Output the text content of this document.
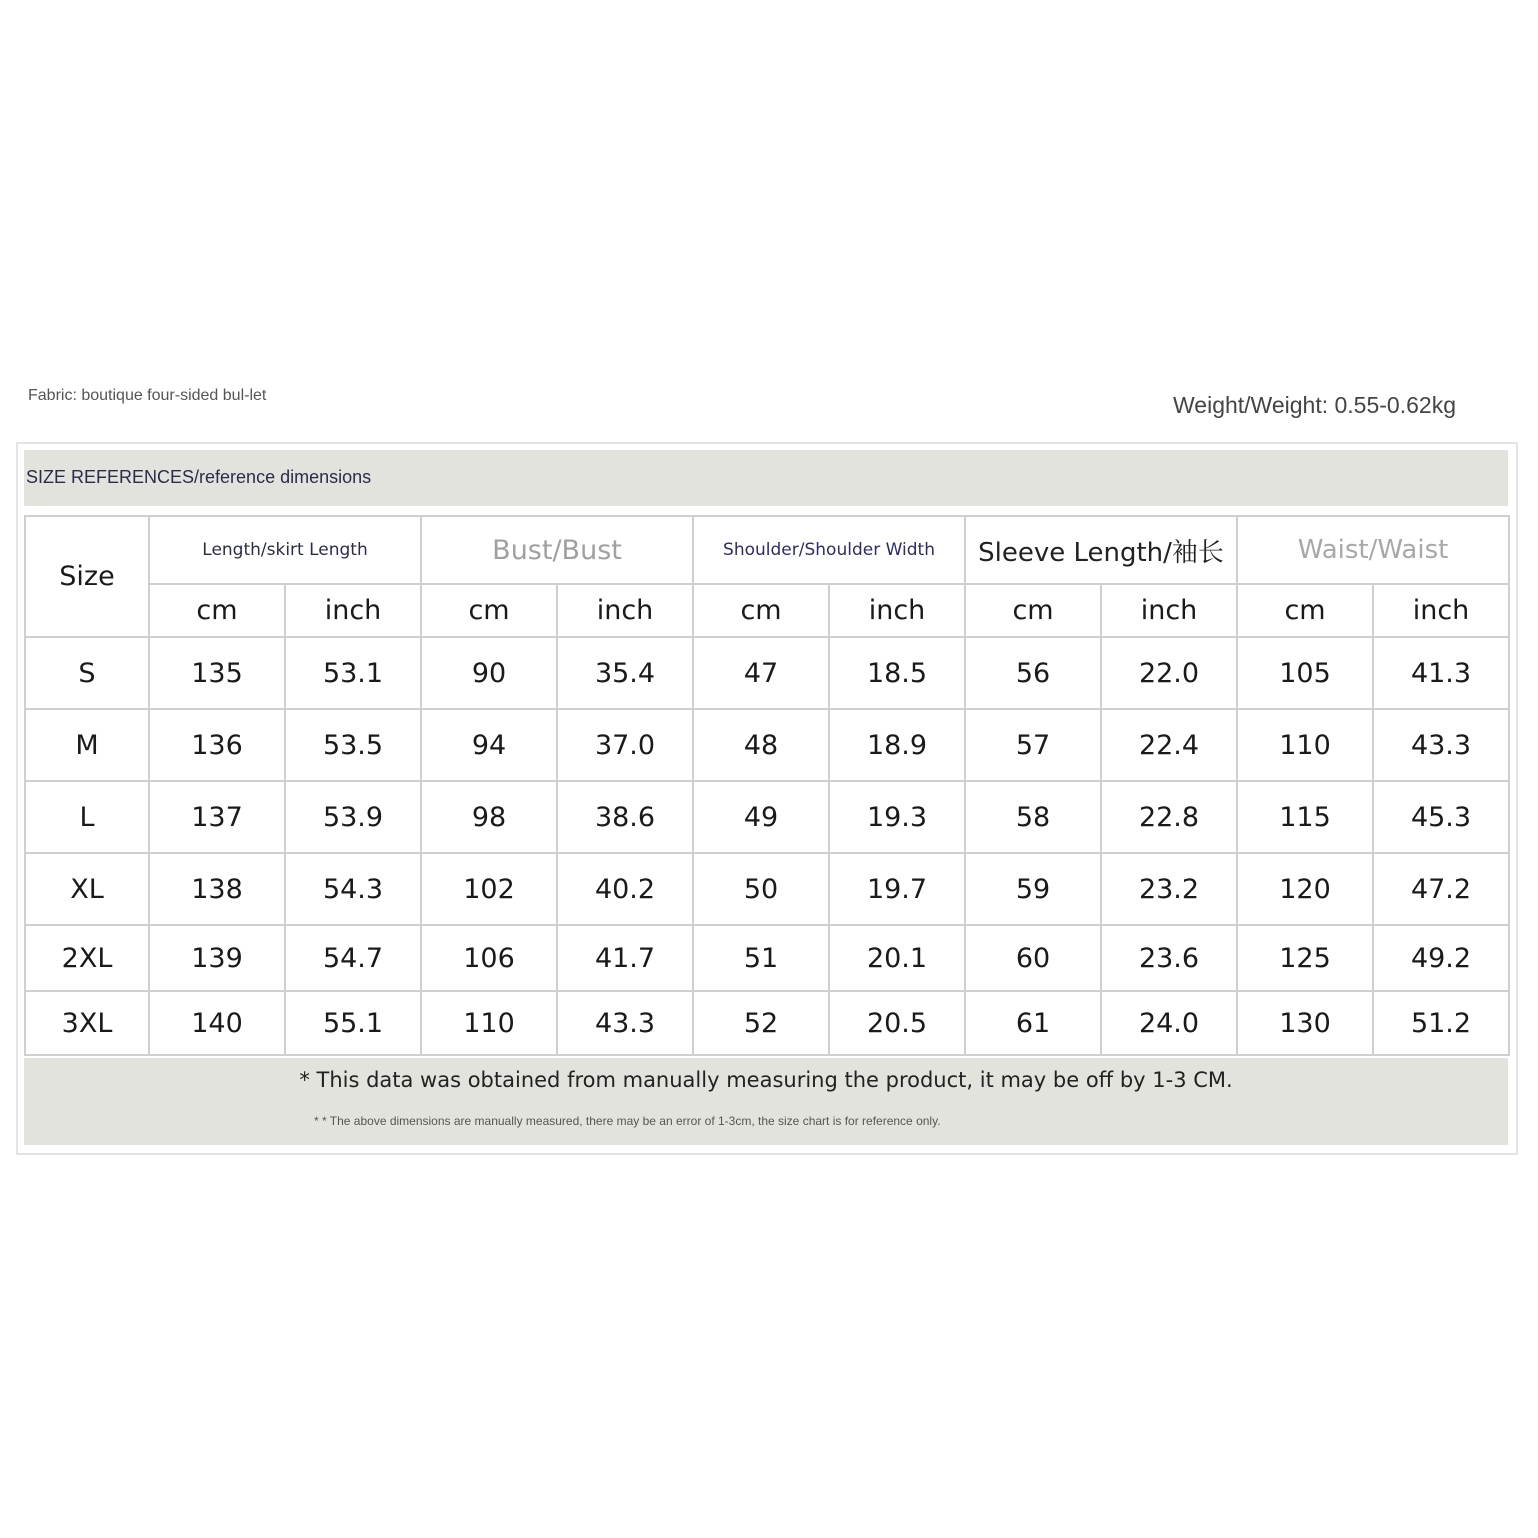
Fabric: boutique four-sided bul-let	Weight/Weight: 0.55-0.62kg
SIZE REFERENCES/reference dimensions
Size	Length/skirt Length		Bust/Bust		Shoulder/Shoulder Width		Sleeve Length/袖长		Waist/Waist	
	cm	inch	cm	inch	cm	inch	cm	inch	cm	inch
S	135	53.1	90	35.4	47	18.5	56	22.0	105	41.3
M	136	53.5	94	37.0	48	18.9	57	22.4	110	43.3
L	137	53.9	98	38.6	49	19.3	58	22.8	115	45.3
XL	138	54.3	102	40.2	50	19.7	59	23.2	120	47.2
2XL	139	54.7	106	41.7	51	20.1	60	23.6	125	49.2
3XL	140	55.1	110	43.3	52	20.5	61	24.0	130	51.2
* This data was obtained from manually measuring the product, it may be off by 1-3 CM.
* * The above dimensions are manually measured, there may be an error of 1-3cm, the size chart is for reference only.
